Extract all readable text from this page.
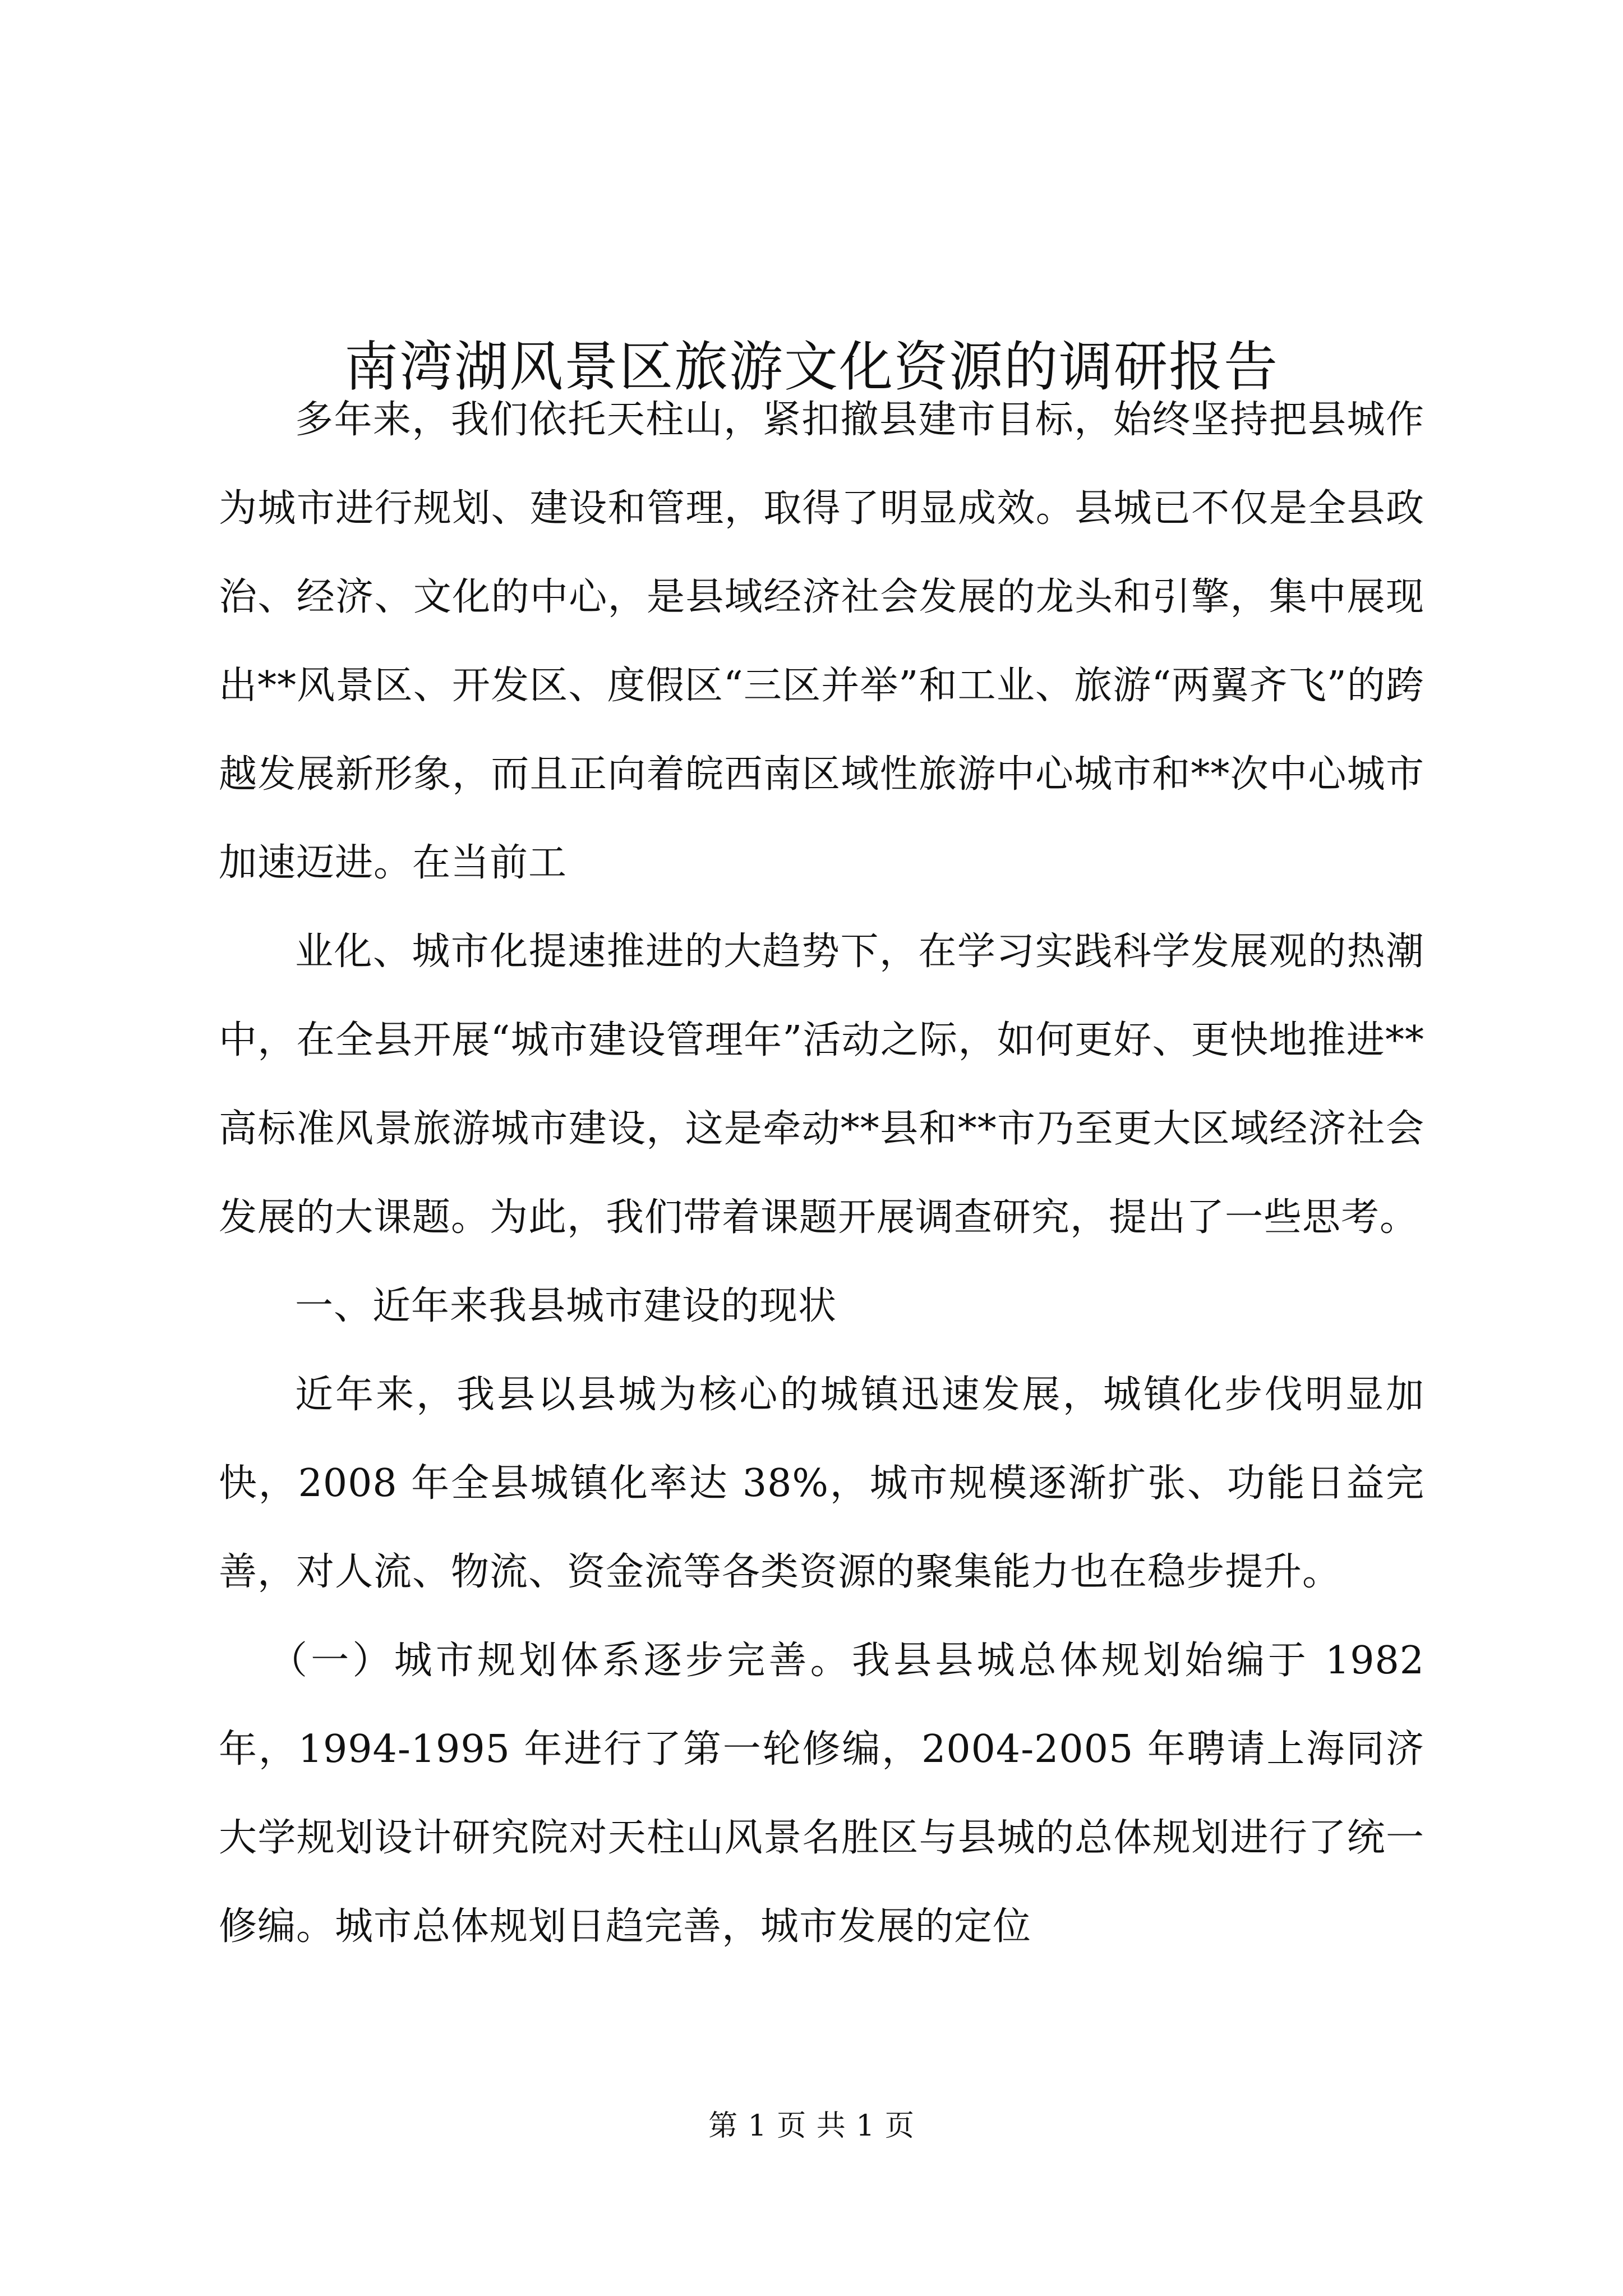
南湾湖风景区旅游文化资源的调研报告

多年来，我们依托天柱山，紧扣撤县建市目标，始终坚持把县城作为城市进行规划、建设和管理，取得了明显成效。县城已不仅是全县政治、经济、文化的中心，是县域经济社会发展的龙头和引擎，集中展现出**风景区、开发区、度假区“三区并举”和工业、旅游“两翼齐飞”的跨越发展新形象，而且正向着皖西南区域性旅游中心城市和**次中心城市加速迈进。在当前工

业化、城市化提速推进的大趋势下，在学习实践科学发展观的热潮中，在全县开展“城市建设管理年”活动之际，如何更好、更快地推进**高标准风景旅游城市建设，这是牵动**县和**市乃至更大区域经济社会发展的大课题。为此，我们带着课题开展调查研究，提出了一些思考。

一、近年来我县城市建设的现状

近年来，我县以县城为核心的城镇迅速发展，城镇化步伐明显加快，2008 年全县城镇化率达 38%，城市规模逐渐扩张、功能日益完善，对人流、物流、资金流等各类资源的聚集能力也在稳步提升。

（一）城市规划体系逐步完善。我县县城总体规划始编于 1982 年，1994-1995 年进行了第一轮修编，2004-2005 年聘请上海同济大学规划设计研究院对天柱山风景名胜区与县城的总体规划进行了统一修编。城市总体规划日趋完善，城市发展的定位

第 1 页 共 1 页
